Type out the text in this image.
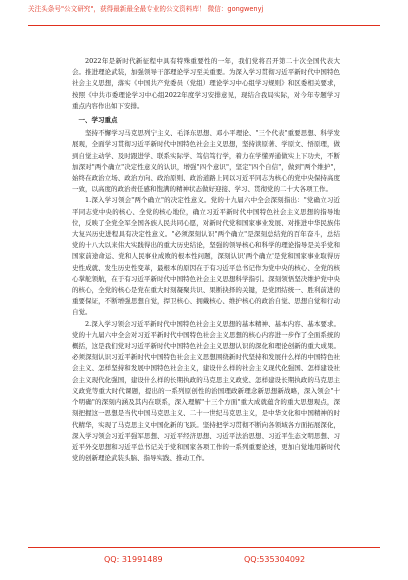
关注头条号"公文研究"，获得最新最全最专业的公文资料库！ 微信：gongwenyj

2022年是新时代新征程中具有特殊重要性的一年，我们党将召开第二十次全国代表大会。推进理论武装，加强领导干部理论学习至关重要。为深入学习贯彻习近平新时代中国特色社会主义思想，落实《中国共产党委员（党组）理论学习中心组学习规则》和区委相关要求，按照《中共市委理论学习中心组2022年度学习安排意见，现结合我局实际，对今年专题学习重点内容作出如下安排。

一、学习重点

坚持不懈学习马克思列宁主义、毛泽东思想、邓小平理论、"三个代表"重要思想、科学发展观，全面学习贯彻习近平新时代中国特色社会主义思想，坚持读原著、学原文、悟原理，做到自觉主动学、及时跟进学、联系实际学、笃信笃行学，着力在学懂弄通做实上下功夫，不断加深对"两个确立"决定性意义的认识，增强"四个意识"，坚定"四个自信"，做到"两个维护"，始终在政治立场、政治方向、政治原则、政治道路上同以习近平同志为核心的党中央保持高度一致，以高度的政治责任感和饱满的精神状态做好迎接、学习、贯彻党的二十大各项工作。

1.深入学习领会"两个确立"的决定性意义。党的十九届六中全会深刻指出："党确立习近平同志党中央的核心、全党的核心地位，确立习近平新时代中国特色社会主义思想的指导地位，反映了全党全军全国各族人民共同心愿，对新时代党和国家事业发展、对推进中华民族伟大复兴历史进程具有决定性意义。"必须深刻认识"两个确立"是深刻总结党的百年奋斗，总结党的十八大以来伟大实践得出的重大历史结论，坚强的领导核心和科学的理论指导是关乎党和国家前途命运、党和人民事业成败的根本性问题，深刻认识'两个确立'是党和国家事业取得历史性成就、发生历史性变革，最根本的原因在于有习近平总书记作为党中央的核心、全党的核心掌舵领航，在于有习近平新时代中国特色社会主义思想科学指引。深刻领悟坚决维护党中央的核心，全党的核心是党在重大时刻凝聚共识、果断抉择的关键，是党团结统一、胜利前进的重要保证，不断增强思想自觉，捍卫核心、拥戴核心、维护核心的政治自觉、思想自觉和行动自觉。

2.深入学习领会习近平新时代中国特色社会主义思想的基本精神、基本内容、基本要求。党的十九届六中全会对习近平新时代中国特色社会主义思想的核心内容进一步作了全面系统的概括，这是我们党对习近平新时代中国特色社会主义思想认识的深化和理论创新的重大成果。必须深刻认识习近平新时代中国特色社会主义思想围绕新时代坚持和发展什么样的中国特色社会主义、怎样坚持和发展中国特色社会主义，建设什么样的社会主义现代化强国、怎样建设社会主义现代化强国，建设什么样的长期执政的马克思主义政党、怎样建设长期执政的马克思主义政党等重大时代课题，提出的一系列原创性的治国理政新理念新思想新战略，深入领会"十个明确"的深刻内涵及其内在联系，深入理解"十三个方面"重大成就蕴含的重大思想观点，深刻把握这一思想是当代中国马克思主义、二十一世纪马克思主义，是中华文化和中国精神的时代精华，实现了马克思主义中国化新的飞跃。坚持把学习贯彻不断向各领域各方面拓展深化，深入学习领会习近平强军思想、习近平经济思想、习近平法治思想、习近平生态文明思想、习近平外交思想和习近平总书记关于党和国家各项工作的一系列重要论述，更加自觉地用新时代党的创新理论武装头脑、指导实践、推动工作。

QQ: 31991489	QQ:535304092
